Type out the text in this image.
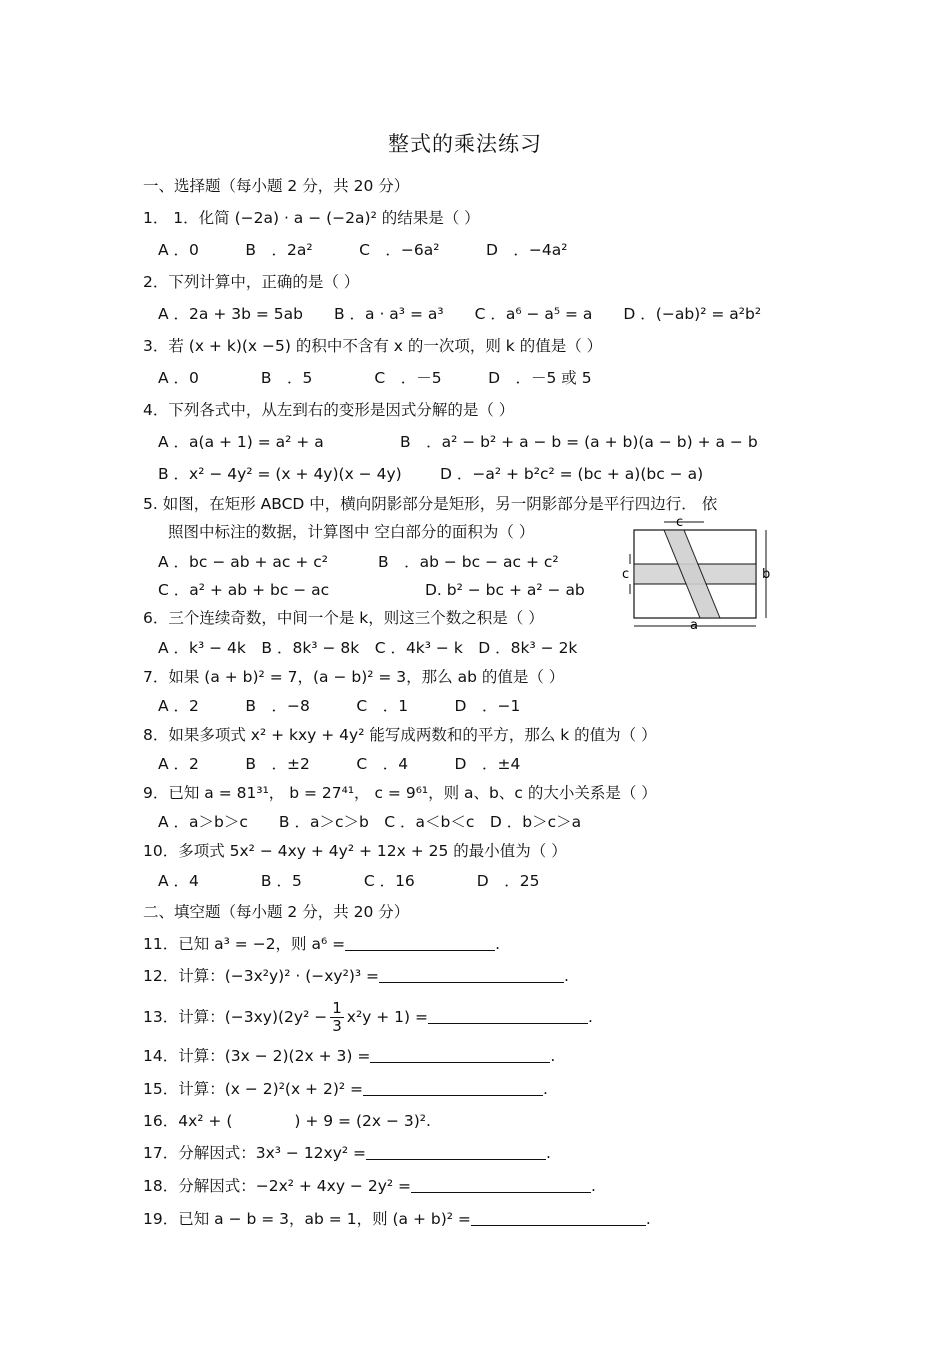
整式的乘法练习
一、选择题（每小题 2 分，共 20 分）
1． 1．化简 (−2a) · a − (−2a)² 的结果是（ ）
A ．0　　　B　．2a²　　　C　．−6a²　　　D　．−4a²
2．下列计算中，正确的是（ ）
A ．2a + 3b = 5ab　　B ．a · a³ = a³　　C ．a⁶ − a⁵ = a　　D ．(−ab)² = a²b²
3．若 (x + k)(x −5) 的积中不含有 x 的一次项，则 k 的值是（ ）
A ．0　　　　B　．5　　　　C　．－5　　　D　．－5 或 5
4．下列各式中，从左到右的变形是因式分解的是（ ）
A ．a(a + 1) = a² + a	B　．a² − b² + a − b = (a + b)(a − b) + a − b
B ．x² − 4y² = (x + 4y)(x − 4y) D ．−a² + b²c² = (bc + a)(bc − a)
5. 如图，在矩形 ABCD 中，横向阴影部分是矩形，另一阴影部分是平行四边行． 依
照图中标注的数据，计算图中 空白部分的面积为（ ）
A ．bc − ab + ac + c²	B　．ab − bc − ac + c²
C ．a² + ab + bc − ac	D. b² − bc + a² − ab
c
c	b
a
6．三个连续奇数，中间一个是 k，则这三个数之积是（ ）
A ．k³ − 4k　B ．8k³ − 8k　C ．4k³ − k　D ．8k³ − 2k
7．如果 (a + b)² = 7，(a − b)² = 3，那么 ab 的值是（ ）
A ．2　　　B　．−8　　　C　．1　　　D　．−1
8．如果多项式 x² + kxy + 4y² 能写成两数和的平方，那么 k 的值为（ ）
A ．2　　　B　．±2　　　C　．4　　　D　．±4
9．已知 a = 81³¹， b = 27⁴¹， c = 9⁶¹，则 a、b、c 的大小关系是（ ）
A ．a＞b＞c　　B ．a＞c＞b　C ．a＜b＜c　D ．b＞c＞a
10．多项式 5x² − 4xy + 4y² + 12x + 25 的最小值为（ ）
A ．4　　　　B ．5　　　　C ．16　　　　D　．25
二、填空题（每小题 2 分，共 20 分）
11．已知 a³ = −2，则 a⁶ =	.
12．计算：(−3x²y)² · (−xy²)³ =	.
13．计算：$(-3xy)(2y^2 - \frac{1}{3} x^2y + 1)$ =	.
14．计算：(3x − 2)(2x + 3) =	.
15．计算：(x − 2)²(x + 2)² =	.
16．4x² + (　　　　) + 9 = (2x − 3)².
17．分解因式：3x³ − 12xy² =	.
18．分解因式：−2x² + 4xy − 2y² =	.
19．已知 a − b = 3，ab = 1，则 (a + b)² =	.
